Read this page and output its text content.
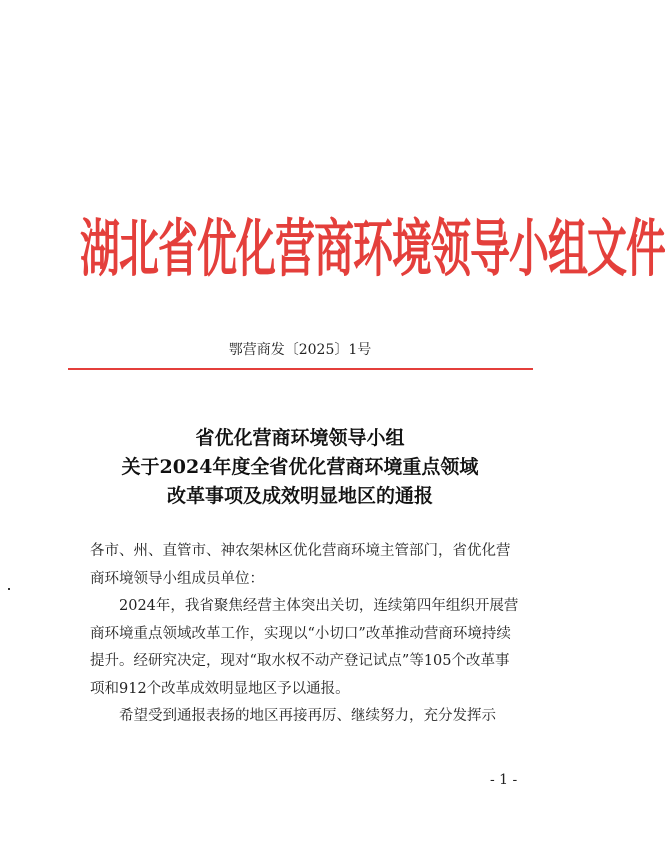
湖北省优化营商环境领导小组文件
鄂营商发〔2025〕1号
省优化营商环境领导小组
关于2024年度全省优化营商环境重点领域
改革事项及成效明显地区的通报

各市、州、直管市、神农架林区优化营商环境主管部门，省优化营商环境领导小组成员单位：

2024年，我省聚焦经营主体突出关切，连续第四年组织开展营商环境重点领域改革工作，实现以“小切口”改革推动营商环境持续提升。经研究决定，现对“取水权不动产登记试点”等105个改革事项和912个改革成效明显地区予以通报。

希望受到通报表扬的地区再接再厉、继续努力，充分发挥示

- 1 -
